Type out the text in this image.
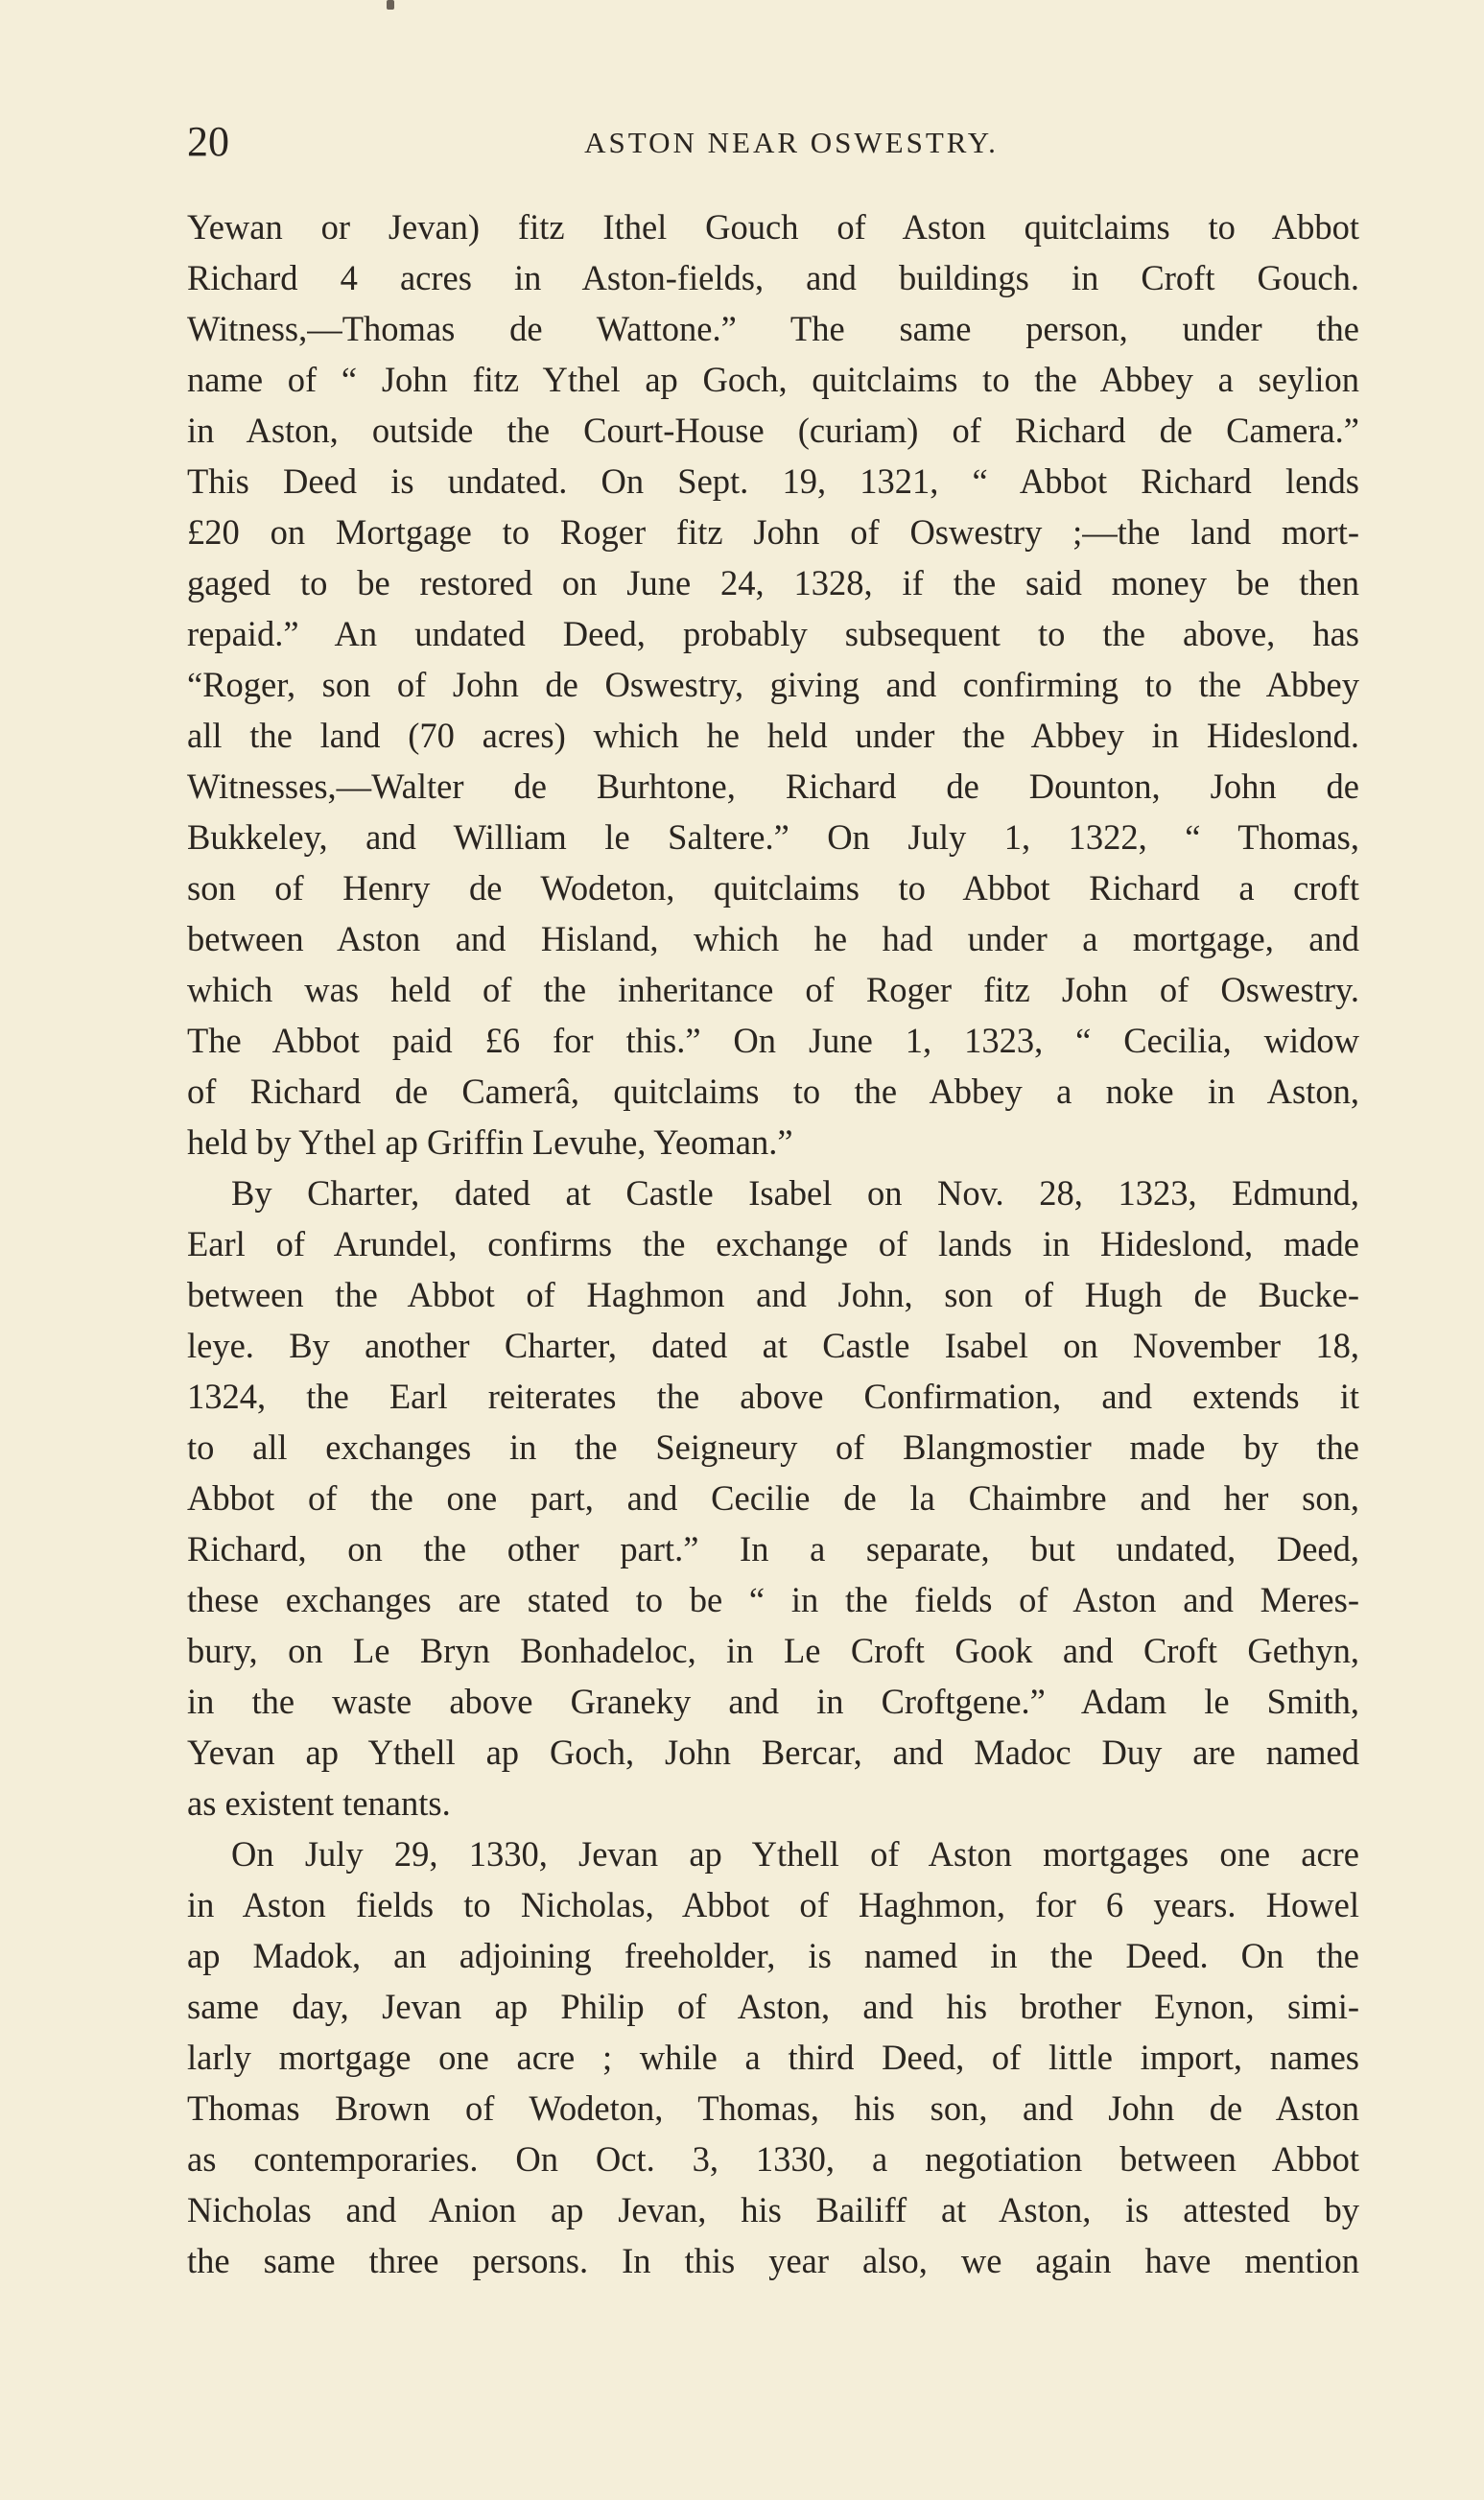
20	ASTON NEAR OSWESTRY.
Yewan or Jevan) fitz Ithel Gouch of Aston quitclaims to Abbot
Richard 4 acres in Aston-fields, and buildings in Croft Gouch.
Witness,—Thomas de Wattone.” The same person, under the
name of “ John fitz Ythel ap Goch, quitclaims to the Abbey a seylion
in Aston, outside the Court-House (curiam) of Richard de Camera.”
This Deed is undated. On Sept. 19, 1321, “ Abbot Richard lends
£20 on Mortgage to Roger fitz John of Oswestry ;—the land mort-
gaged to be restored on June 24, 1328, if the said money be then
repaid.” An undated Deed, probably subsequent to the above, has
“Roger, son of John de Oswestry, giving and confirming to the Abbey
all the land (70 acres) which he held under the Abbey in Hideslond.
Witnesses,—Walter de Burhtone, Richard de Dounton, John de
Bukkeley, and William le Saltere.” On July 1, 1322, “ Thomas,
son of Henry de Wodeton, quitclaims to Abbot Richard a croft
between Aston and Hisland, which he had under a mortgage, and
which was held of the inheritance of Roger fitz John of Oswestry.
The Abbot paid £6 for this.” On June 1, 1323, “ Cecilia, widow
of Richard de Camerâ, quitclaims to the Abbey a noke in Aston,
held by Ythel ap Griffin Levuhe, Yeoman.”
By Charter, dated at Castle Isabel on Nov. 28, 1323, Edmund,
Earl of Arundel, confirms the exchange of lands in Hideslond, made
between the Abbot of Haghmon and John, son of Hugh de Bucke-
leye. By another Charter, dated at Castle Isabel on November 18,
1324, the Earl reiterates the above Confirmation, and extends it
to all exchanges in the Seigneury of Blangmostier made by the
Abbot of the one part, and Cecilie de la Chaimbre and her son,
Richard, on the other part.” In a separate, but undated, Deed,
these exchanges are stated to be “ in the fields of Aston and Meres-
bury, on Le Bryn Bonhadeloc, in Le Croft Gook and Croft Gethyn,
in the waste above Graneky and in Croftgene.” Adam le Smith,
Yevan ap Ythell ap Goch, John Bercar, and Madoc Duy are named
as existent tenants.
On July 29, 1330, Jevan ap Ythell of Aston mortgages one acre
in Aston fields to Nicholas, Abbot of Haghmon, for 6 years. Howel
ap Madok, an adjoining freeholder, is named in the Deed. On the
same day, Jevan ap Philip of Aston, and his brother Eynon, simi-
larly mortgage one acre ; while a third Deed, of little import, names
Thomas Brown of Wodeton, Thomas, his son, and John de Aston
as contemporaries. On Oct. 3, 1330, a negotiation between Abbot
Nicholas and Anion ap Jevan, his Bailiff at Aston, is attested by
the same three persons. In this year also, we again have mention
